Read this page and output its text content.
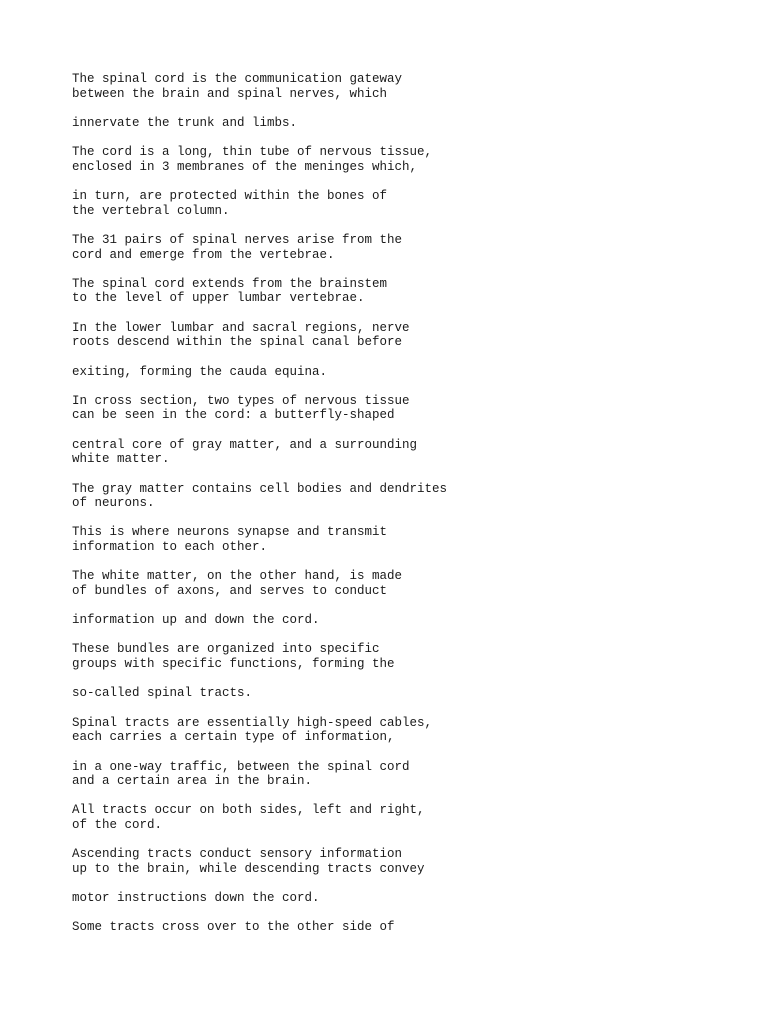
The spinal cord is the communication gateway
between the brain and spinal nerves, which

innervate the trunk and limbs.

The cord is a long, thin tube of nervous tissue,
enclosed in 3 membranes of the meninges which,

in turn, are protected within the bones of
the vertebral column.

The 31 pairs of spinal nerves arise from the
cord and emerge from the vertebrae.

The spinal cord extends from the brainstem
to the level of upper lumbar vertebrae.

In the lower lumbar and sacral regions, nerve
roots descend within the spinal canal before

exiting, forming the cauda equina.

In cross section, two types of nervous tissue
can be seen in the cord: a butterfly-shaped

central core of gray matter, and a surrounding
white matter.

The gray matter contains cell bodies and dendrites
of neurons.

This is where neurons synapse and transmit
information to each other.

The white matter, on the other hand, is made
of bundles of axons, and serves to conduct

information up and down the cord.

These bundles are organized into specific
groups with specific functions, forming the

so-called spinal tracts.

Spinal tracts are essentially high-speed cables,
each carries a certain type of information,

in a one-way traffic, between the spinal cord
and a certain area in the brain.

All tracts occur on both sides, left and right,
of the cord.

Ascending tracts conduct sensory information
up to the brain, while descending tracts convey

motor instructions down the cord.

Some tracts cross over to the other side of
